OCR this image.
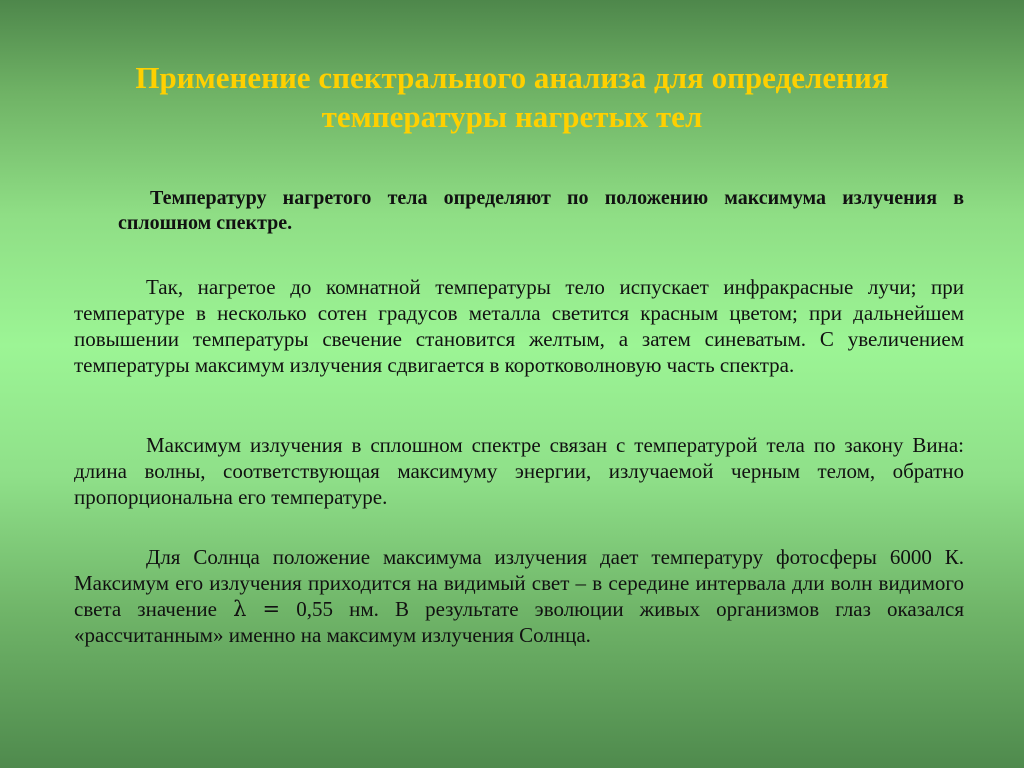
Применение спектрального анализа для определения температуры нагретых тел

Температуру нагретого тела определяют по положению максимума излучения в сплошном спектре.

Так, нагретое до комнатной температуры тело испускает инфракрасные лучи; при температуре в несколько сотен градусов металла светится красным цветом; при дальнейшем повышении температуры свечение становится желтым, а затем синеватым. С увеличением температуры максимум излучения сдвигается в коротковолновую часть спектра.

Максимум излучения в сплошном спектре связан с температурой тела по закону Вина: длина волны, соответствующая максимуму энергии, излучаемой черным телом, обратно пропорциональна его температуре.

Для Солнца положение максимума излучения дает температуру фотосферы 6000 К. Максимум его излучения приходится на видимый свет – в середине интервала дли волн видимого света значение λ = 0,55 нм. В результате эволюции живых организмов глаз оказался «рассчитанным» именно на максимум излучения Солнца.
